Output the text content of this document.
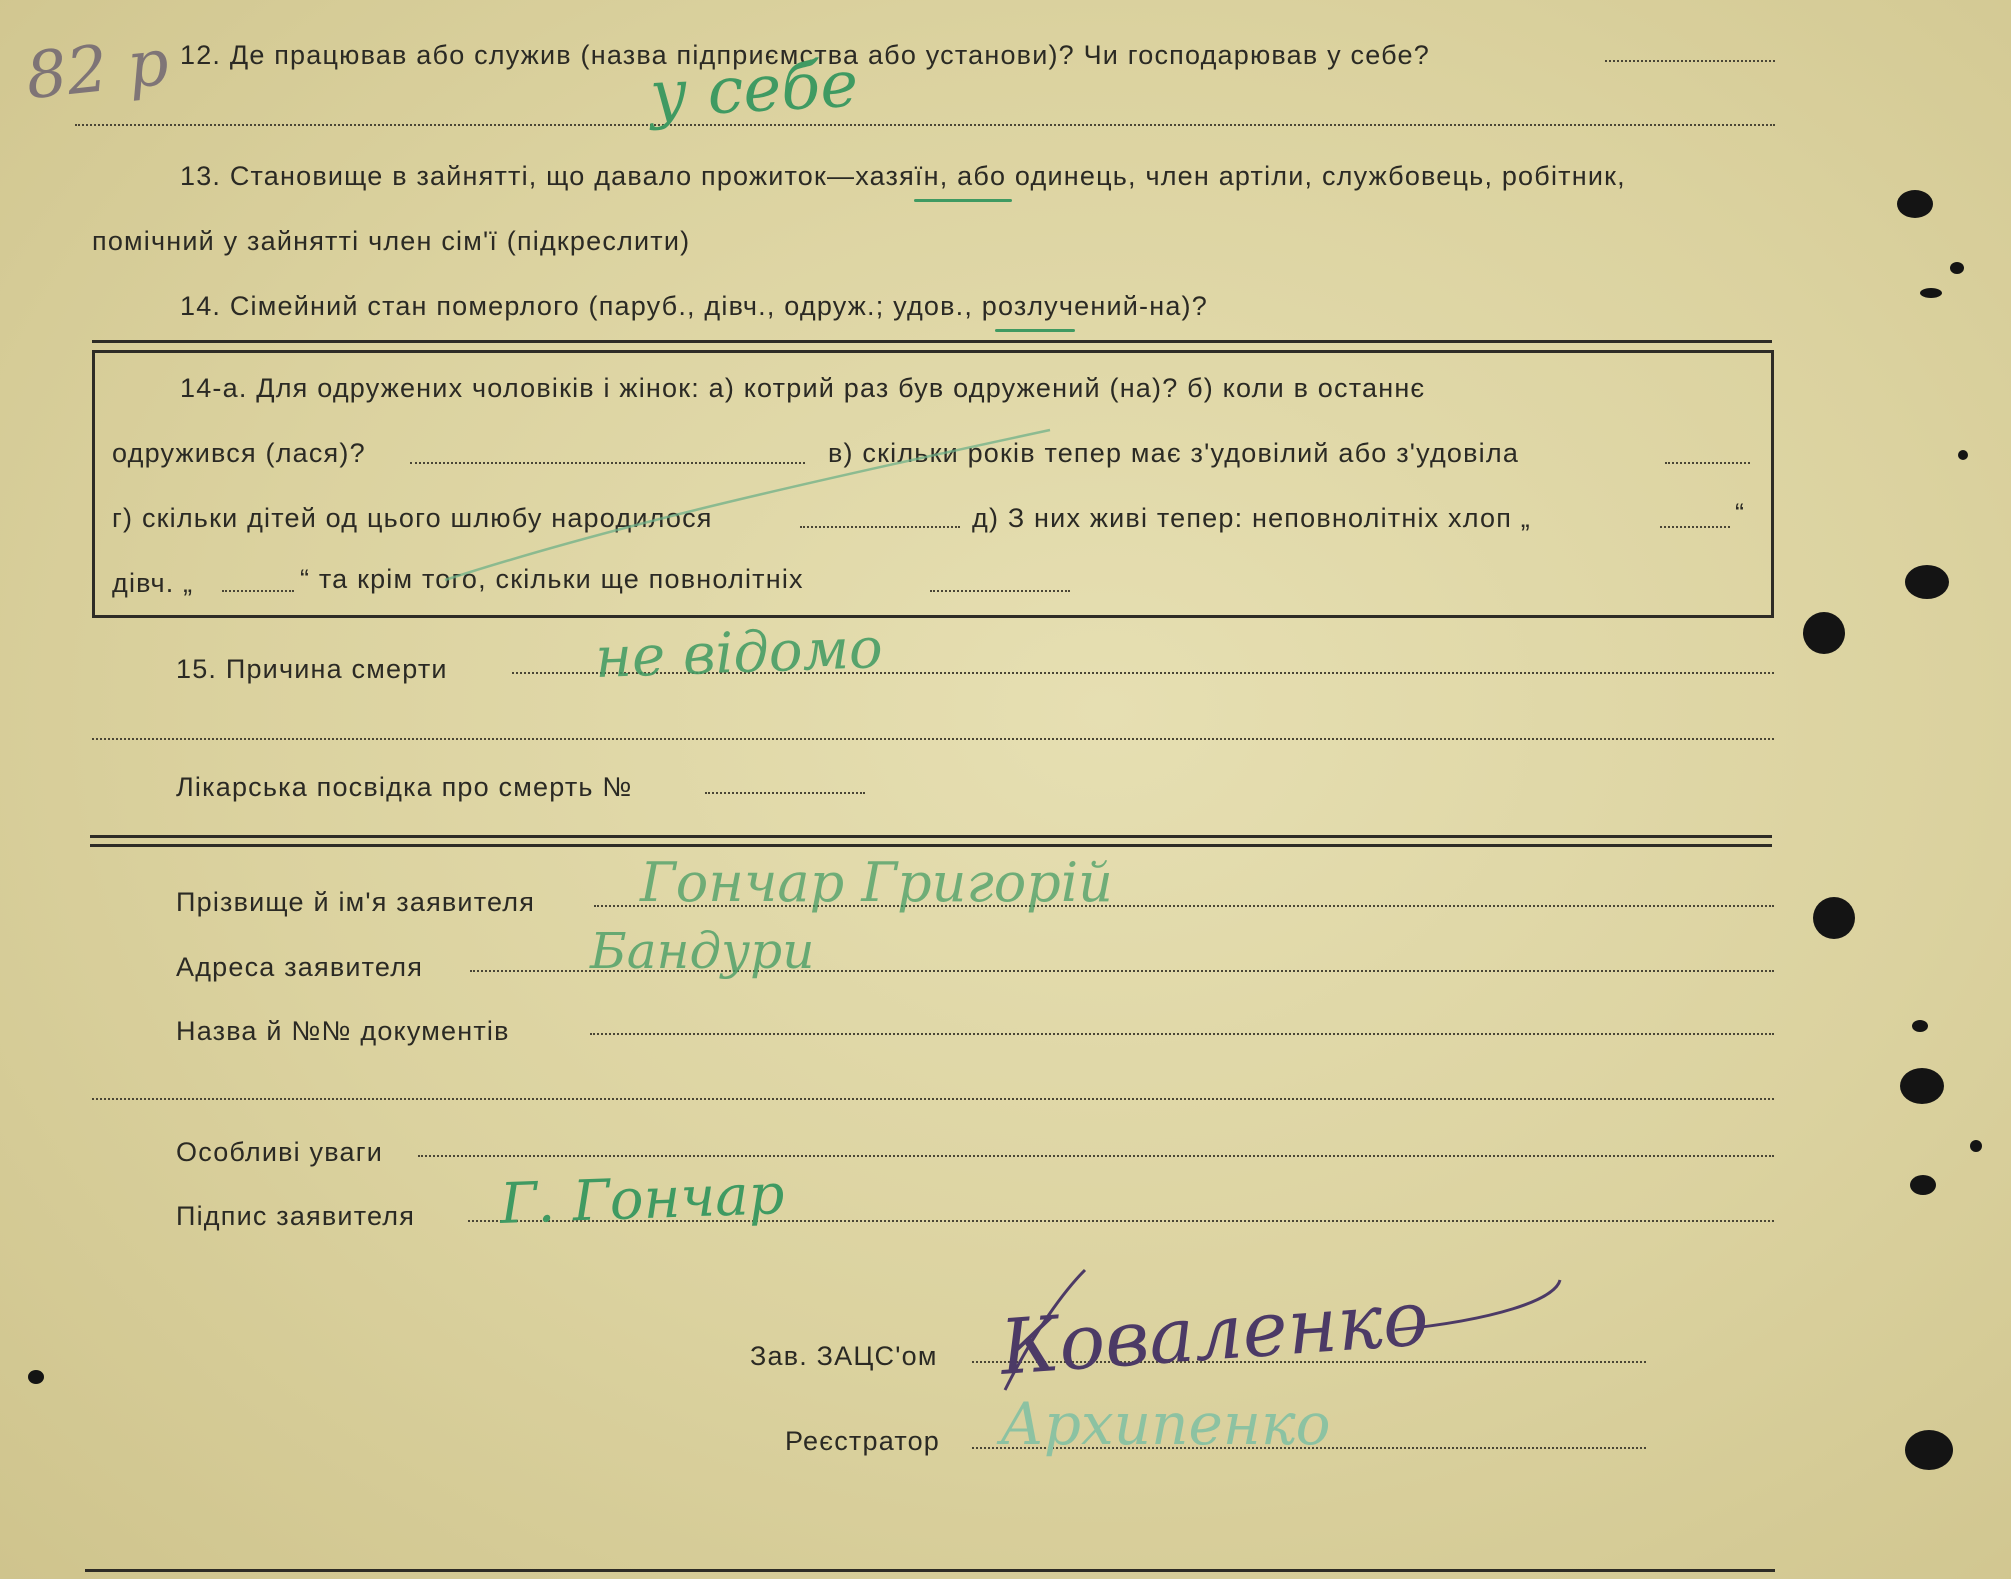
82 р 12. Де працював або служив (назва підприємства або установи)? Чи господарював у себе?
у себе
13. Становище в зайнятті, що давало прожиток—хазяїн, або одинець, член артіли, службовець, робітник,
помічний у зайнятті член сім'ї (підкреслити)
14. Сімейний стан померлого (паруб., дівч., одруж.; удов., розлучений-на)?
14-а. Для одружених чоловіків і жінок: а) котрий раз був одружений (на)? б) коли в останнє
одружився (лася)?	в) скільки років тепер має з'удовілий або з'удовіла
г) скільки дітей од цього шлюбу народилося	д) З них живі тепер: неповнолітніх хлоп „	“
дівч. „	“ та крім того, скільки ще повнолітніх
15. Причина смерти	не відомо
Лікарська посвідка про смерть №
Прізвище й ім'я заявителя Гончар Григорій
Адреса заявителя	Бандури
Назва й №№ документів
Особливі уваги
Підпис заявителя Г. Гончар
Зав. ЗАЦС'ом Коваленко
Реєстратор Архипенко
